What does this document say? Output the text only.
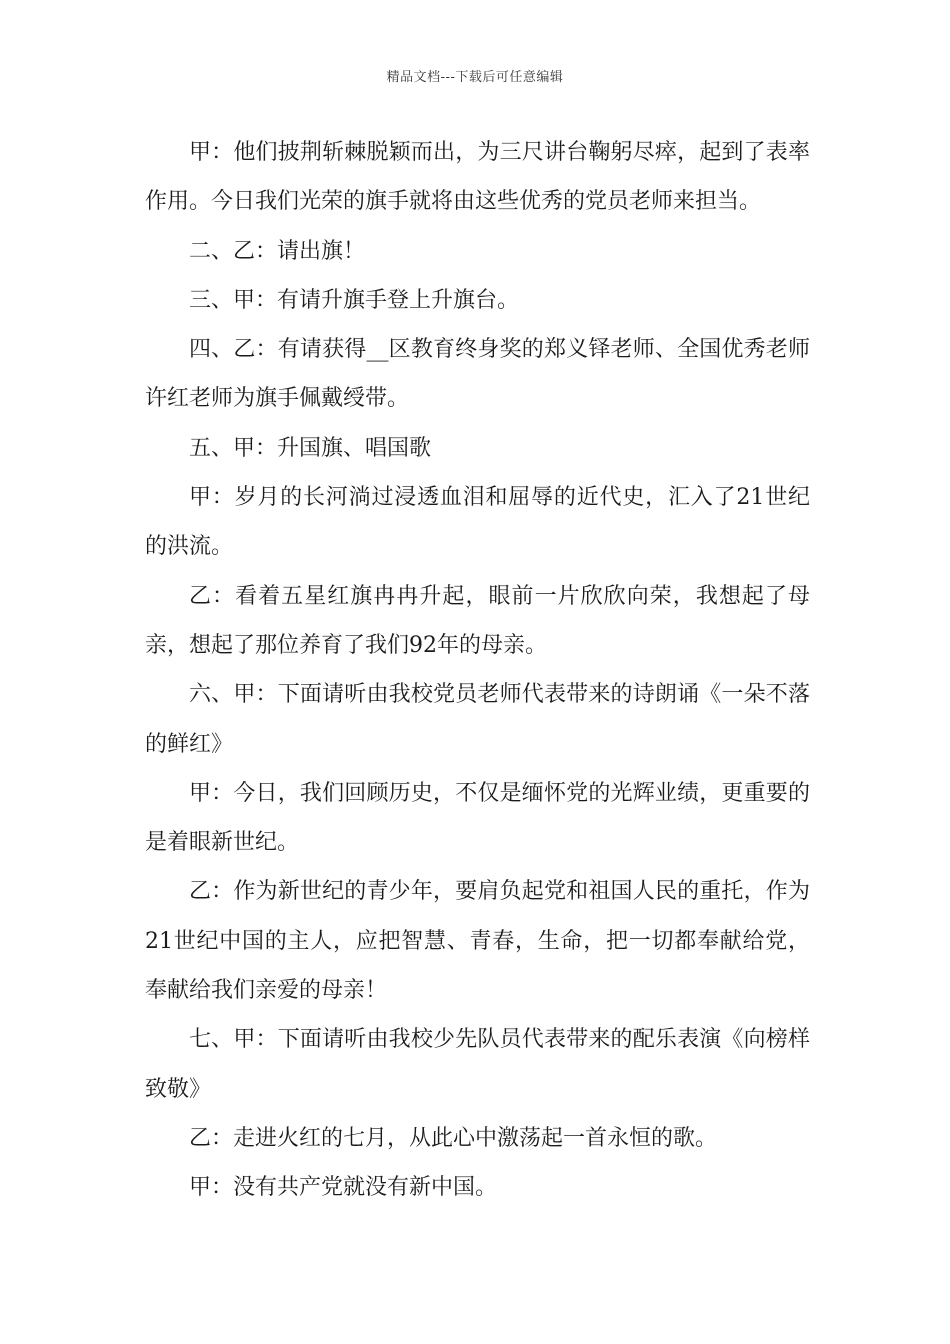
精品文档---下载后可任意编辑

甲：他们披荆斩棘脱颖而出，为三尺讲台鞠躬尽瘁，起到了表率作用。今日我们光荣的旗手就将由这些优秀的党员老师来担当。

二、乙：请出旗！

三、甲：有请升旗手登上升旗台。

四、乙：有请获得__区教育终身奖的郑义铎老师、全国优秀老师许红老师为旗手佩戴绶带。

五、甲：升国旗、唱国歌

甲：岁月的长河淌过浸透血泪和屈辱的近代史，汇入了21世纪的洪流。

乙：看着五星红旗冉冉升起，眼前一片欣欣向荣，我想起了母亲，想起了那位养育了我们92年的母亲。

六、甲：下面请听由我校党员老师代表带来的诗朗诵《一朵不落的鲜红》

甲：今日，我们回顾历史，不仅是缅怀党的光辉业绩，更重要的是着眼新世纪。

乙：作为新世纪的青少年，要肩负起党和祖国人民的重托，作为21世纪中国的主人，应把智慧、青春，生命，把一切都奉献给党，奉献给我们亲爱的母亲！

七、甲：下面请听由我校少先队员代表带来的配乐表演《向榜样致敬》

乙：走进火红的七月，从此心中激荡起一首永恒的歌。

甲：没有共产党就没有新中国。
